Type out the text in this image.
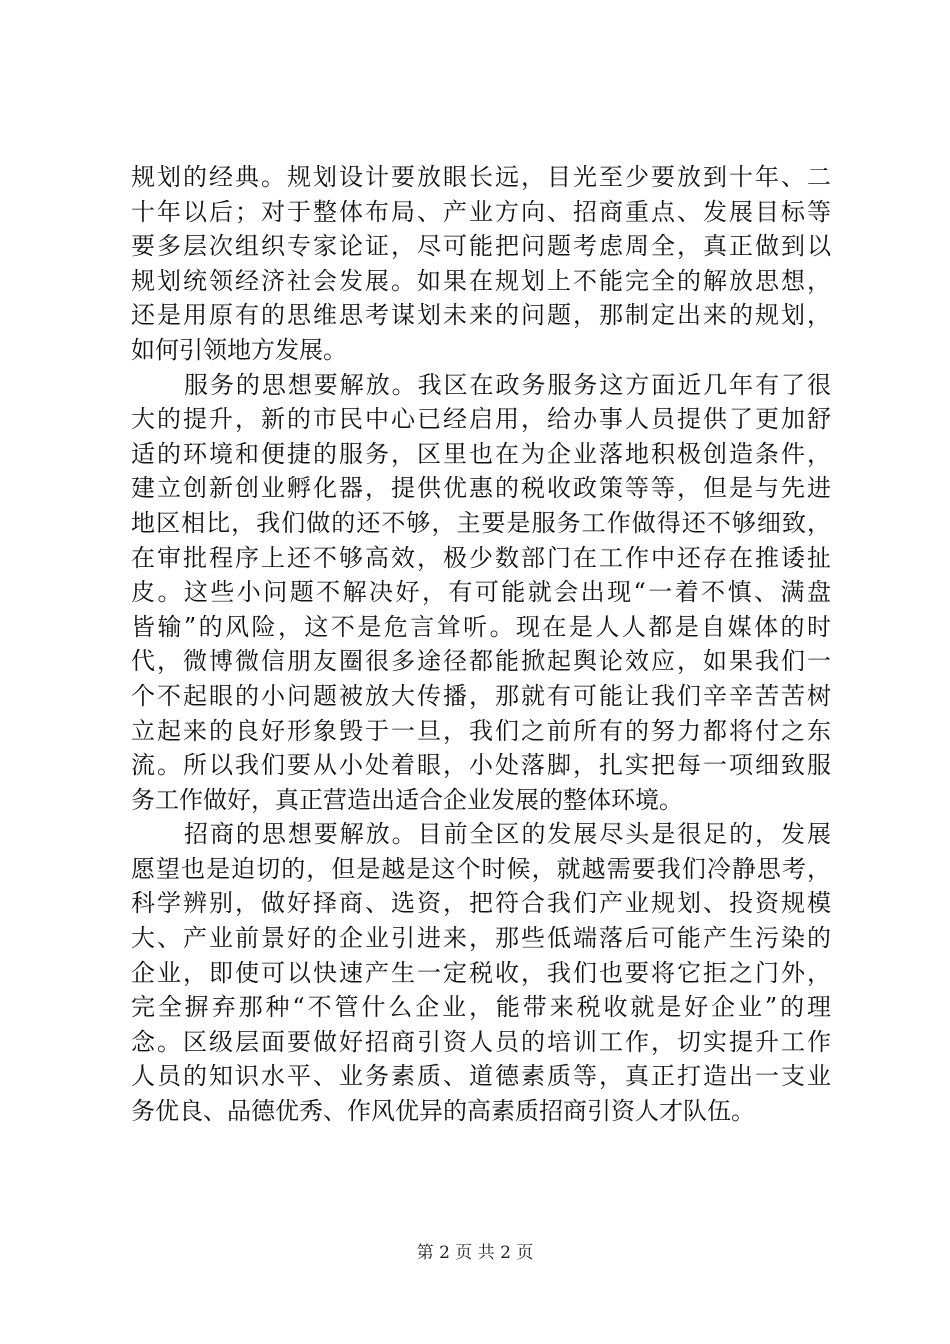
规划的经典。规划设计要放眼长远，目光至少要放到十年、二
十年以后；对于整体布局、产业方向、招商重点、发展目标等
要多层次组织专家论证，尽可能把问题考虑周全，真正做到以
规划统领经济社会发展。如果在规划上不能完全的解放思想，
还是用原有的思维思考谋划未来的问题，那制定出来的规划，
如何引领地方发展。
服务的思想要解放。我区在政务服务这方面近几年有了很
大的提升，新的市民中心已经启用，给办事人员提供了更加舒
适的环境和便捷的服务，区里也在为企业落地积极创造条件，
建立创新创业孵化器，提供优惠的税收政策等等，但是与先进
地区相比，我们做的还不够，主要是服务工作做得还不够细致，
在审批程序上还不够高效，极少数部门在工作中还存在推诿扯
皮。这些小问题不解决好，有可能就会出现“一着不慎、满盘
皆输”的风险，这不是危言耸听。现在是人人都是自媒体的时
代，微博微信朋友圈很多途径都能掀起舆论效应，如果我们一
个不起眼的小问题被放大传播，那就有可能让我们辛辛苦苦树
立起来的良好形象毁于一旦，我们之前所有的努力都将付之东
流。所以我们要从小处着眼，小处落脚，扎实把每一项细致服
务工作做好，真正营造出适合企业发展的整体环境。
招商的思想要解放。目前全区的发展尽头是很足的，发展
愿望也是迫切的，但是越是这个时候，就越需要我们冷静思考，
科学辨别，做好择商、选资，把符合我们产业规划、投资规模
大、产业前景好的企业引进来，那些低端落后可能产生污染的
企业，即使可以快速产生一定税收，我们也要将它拒之门外，
完全摒弃那种“不管什么企业，能带来税收就是好企业”的理
念。区级层面要做好招商引资人员的培训工作，切实提升工作
人员的知识水平、业务素质、道德素质等，真正打造出一支业
务优良、品德优秀、作风优异的高素质招商引资人才队伍。
第 2 页 共 2 页
